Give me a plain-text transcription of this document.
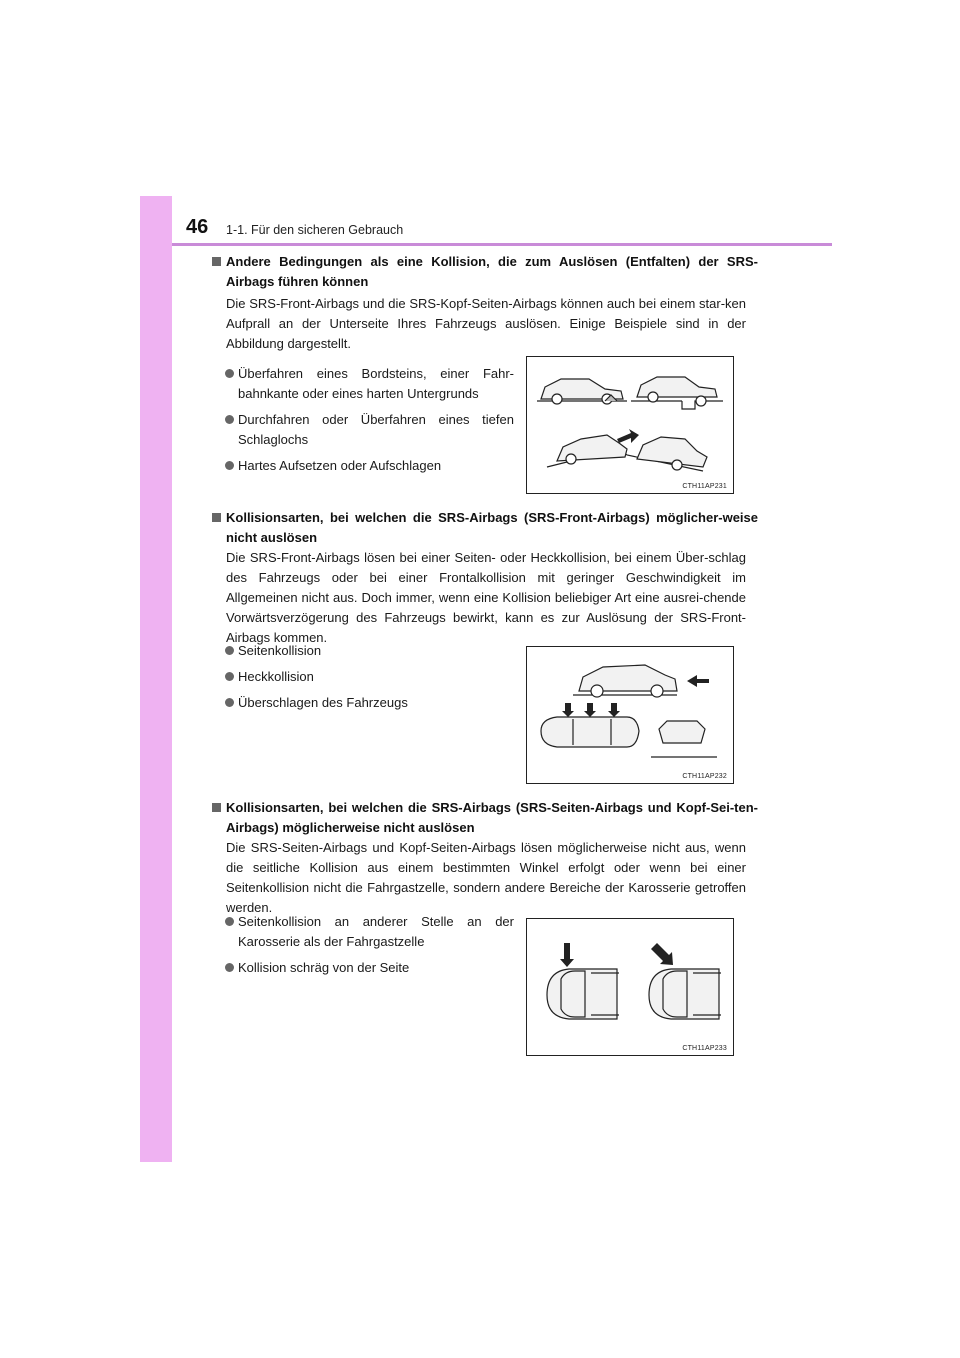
46 1-1. Für den sicheren Gebrauch
Andere Bedingungen als eine Kollision, die zum Auslösen (Entfalten) der SRS-Airbags führen können
Die SRS-Front-Airbags und die SRS-Kopf-Seiten-Airbags können auch bei einem star-ken Aufprall an der Unterseite Ihres Fahrzeugs auslösen. Einige Beispiele sind in der Abbildung dargestellt.
Überfahren eines Bordsteins, einer Fahr-bahnkante oder eines harten Untergrunds
Durchfahren oder Überfahren eines tiefen Schlaglochs
Hartes Aufsetzen oder Aufschlagen
CTH11AP231
Kollisionsarten, bei welchen die SRS-Airbags (SRS-Front-Airbags) möglicher-weise nicht auslösen
Die SRS-Front-Airbags lösen bei einer Seiten- oder Heckkollision, bei einem Über-schlag des Fahrzeugs oder bei einer Frontalkollision mit geringer Geschwindigkeit im Allgemeinen nicht aus. Doch immer, wenn eine Kollision beliebiger Art eine ausrei-chende Vorwärtsverzögerung des Fahrzeugs bewirkt, kann es zur Auslösung der SRS-Front-Airbags kommen.
Seitenkollision
Heckkollision
Überschlagen des Fahrzeugs
CTH11AP232
Kollisionsarten, bei welchen die SRS-Airbags (SRS-Seiten-Airbags und Kopf-Sei-ten-Airbags) möglicherweise nicht auslösen
Die SRS-Seiten-Airbags und Kopf-Seiten-Airbags lösen möglicherweise nicht aus, wenn die seitliche Kollision aus einem bestimmten Winkel erfolgt oder wenn bei einer Seitenkollision nicht die Fahrgastzelle, sondern andere Bereiche der Karosserie getroffen werden.
Seitenkollision an anderer Stelle an der Karosserie als der Fahrgastzelle
Kollision schräg von der Seite
CTH11AP233
